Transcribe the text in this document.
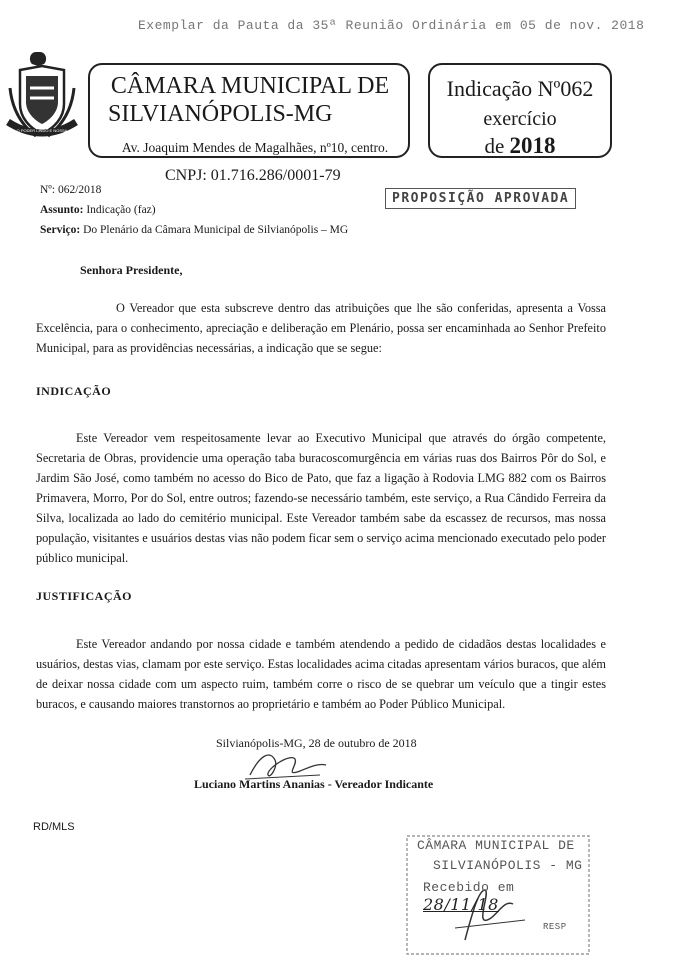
Exemplar da Pauta da 35ª Reunião Ordinária em 05 de nov. 2018
O PODER LINDO E NOSSA
CÂMARA MUNICIPAL DE
SILVIANÓPOLIS-MG
Av. Joaquim Mendes de Magalhães, nº10, centro.
Indicação Nº062
exercício
de 2018
CNPJ: 01.716.286/0001-79
Nº: 062/2018
Assunto: Indicação (faz)
Serviço: Do Plenário da Câmara Municipal de Silvianópolis – MG
PROPOSIÇÃO APROVADA
Senhora Presidente,
O Vereador que esta subscreve dentro das atribuições que lhe são conferidas, apresenta a Vossa Excelência, para o conhecimento, apreciação e deliberação em Plenário, possa ser encaminhada ao Senhor Prefeito Municipal, para as providências necessárias, a indicação que se segue:
INDICAÇÃO
Este Vereador vem respeitosamente levar ao Executivo Municipal que através do órgão competente, Secretaria de Obras, providencie uma operação taba buracoscomurgência em várias ruas dos Bairros Pôr do Sol, e Jardim São José, como também no acesso do Bico de Pato, que faz a ligação à Rodovia LMG 882 com os Bairros Primavera, Morro, Por do Sol, entre outros; fazendo-se necessário também, este serviço, a Rua Cândido Ferreira da Silva, localizada ao lado do cemitério municipal. Este Vereador também sabe da escassez de recursos, mas nossa população, visitantes e usuários destas vias não podem ficar sem o serviço acima mencionado executado pelo poder público municipal.
JUSTIFICAÇÃO
Este Vereador andando por nossa cidade e também atendendo a pedido de cidadãos destas localidades e usuários, destas vias, clamam por este serviço. Estas localidades acima citadas apresentam vários buracos, que além de deixar nossa cidade com um aspecto ruim, também corre o risco de se quebrar um veículo que a tingir estes buracos, e causando maiores transtornos ao proprietário e também ao Poder Público Municipal.
Silvianópolis-MG, 28 de outubro de 2018
Luciano Martins Ananias - Vereador Indicante
RD/MLS
CÂMARA MUNICIPAL DE
SILVIANÓPOLIS - MG
Recebido em 28/11/18
RESP
